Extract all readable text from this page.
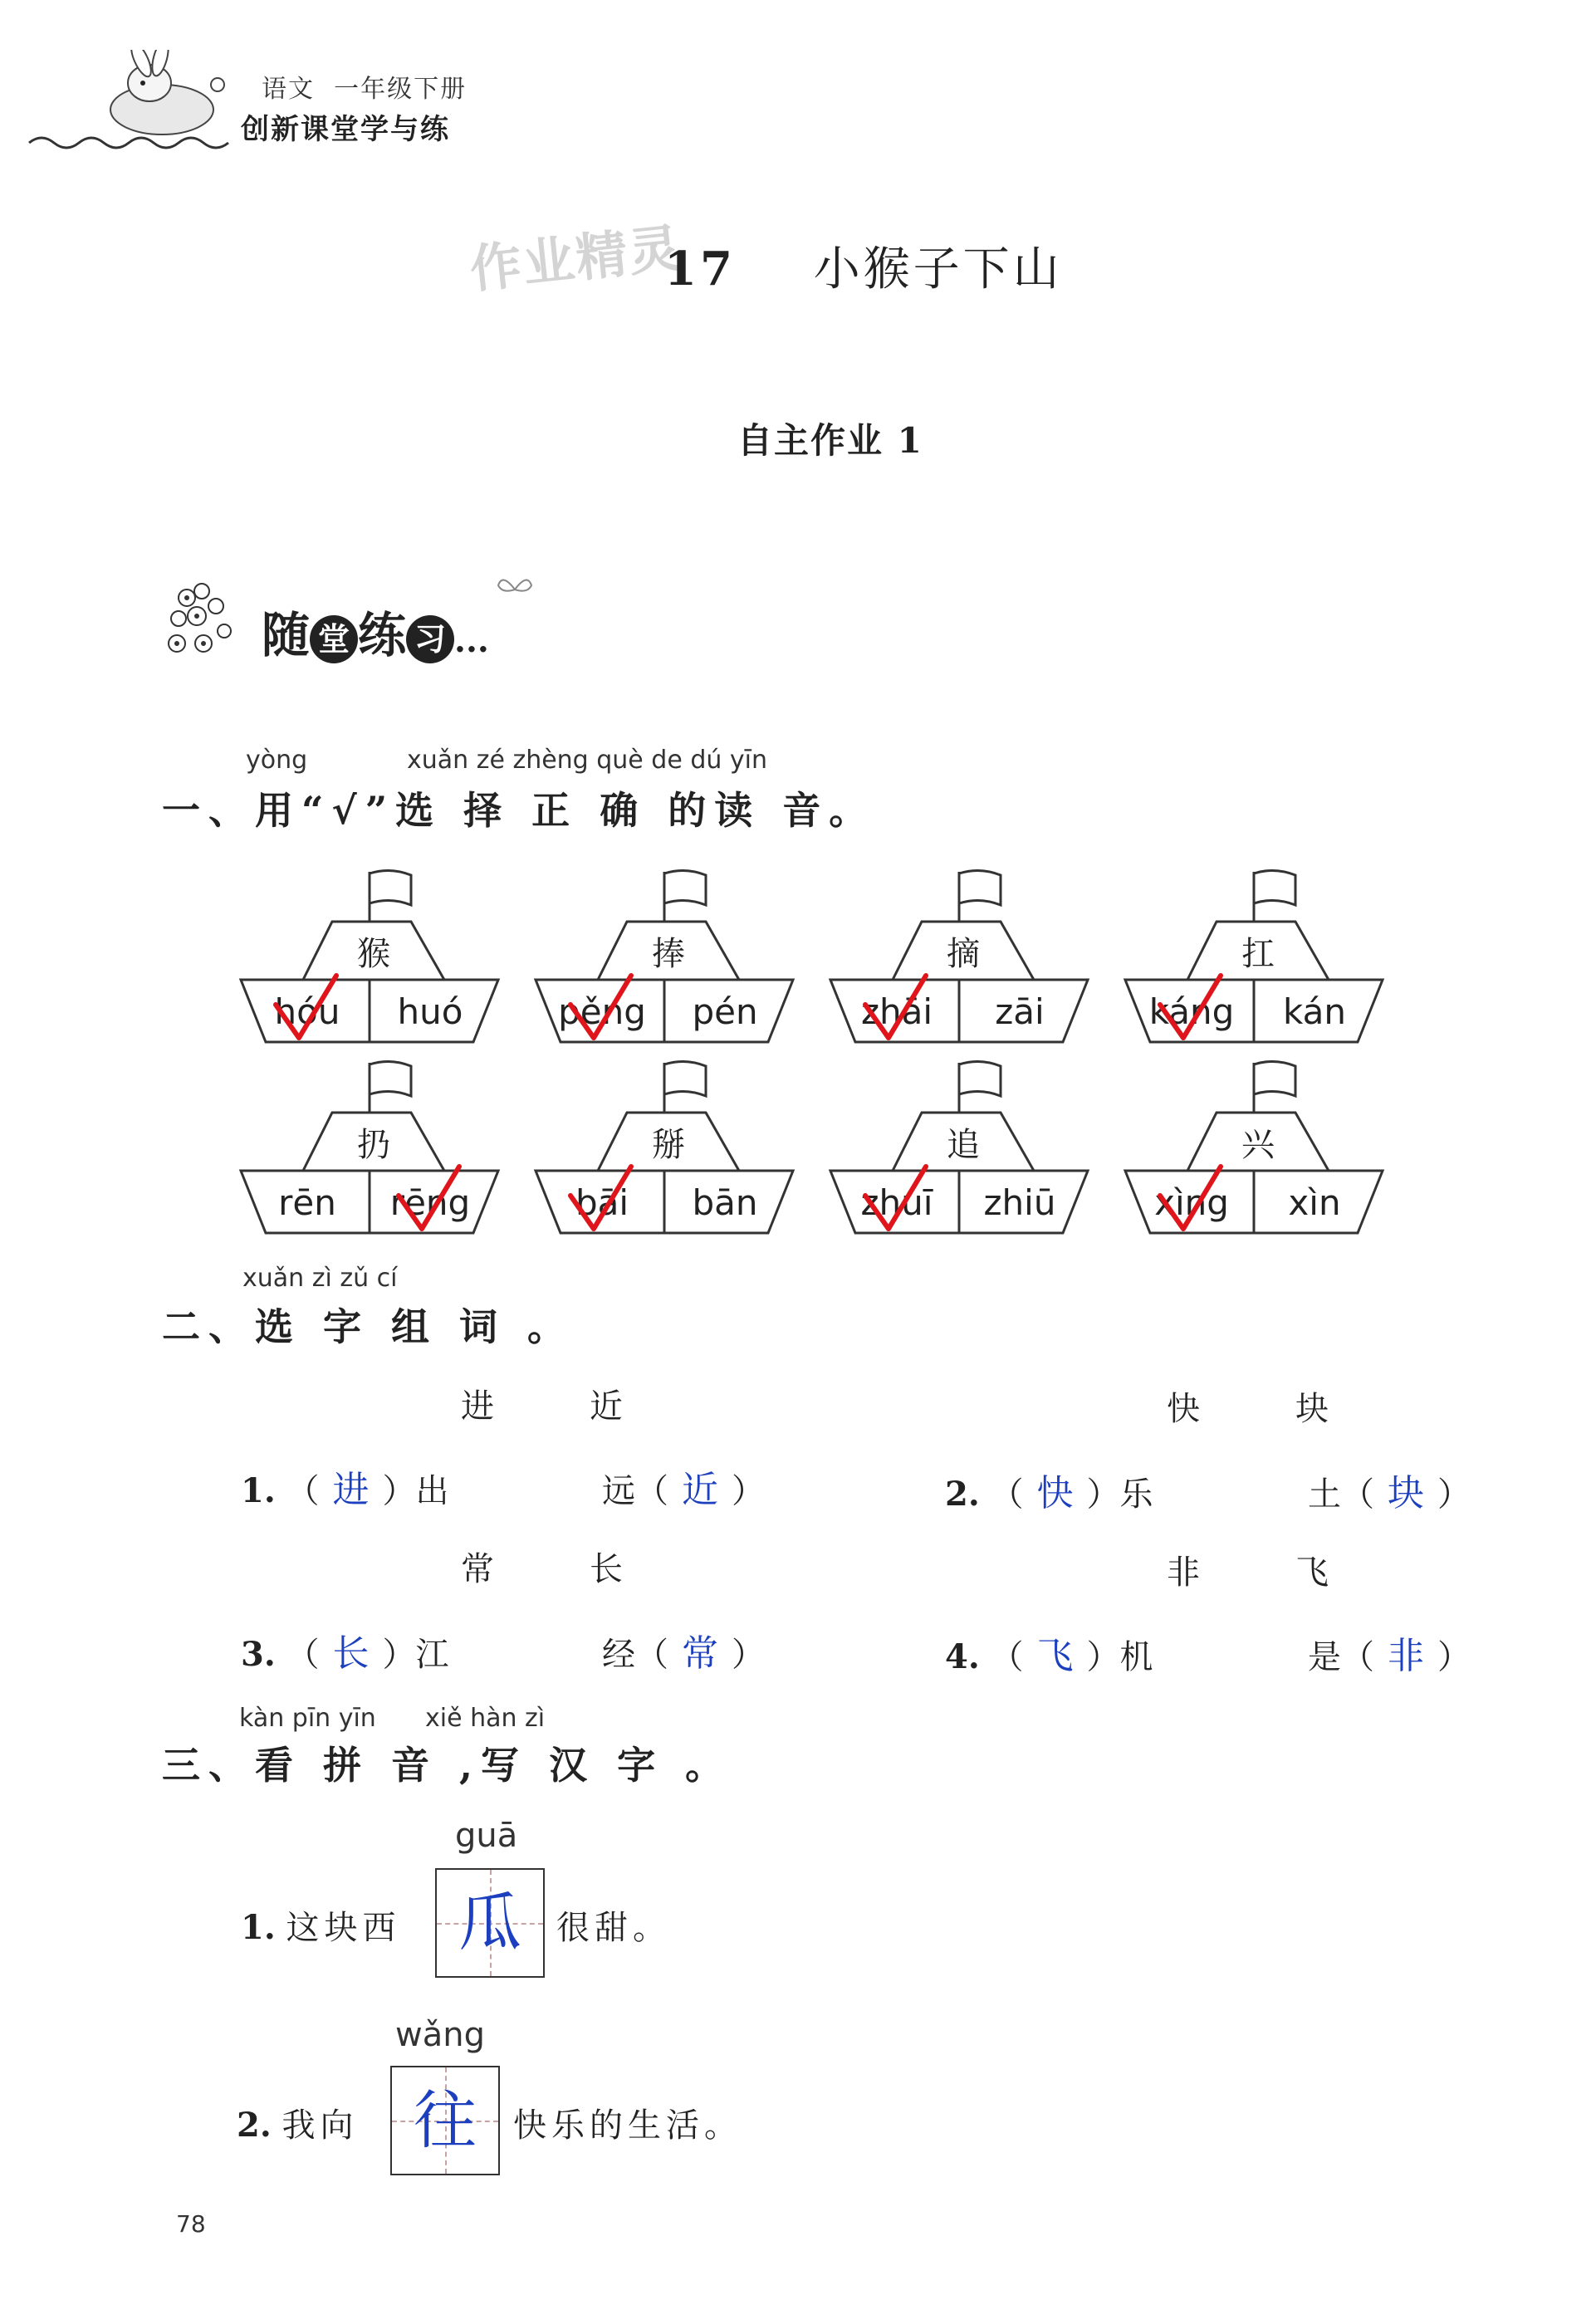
语文  一年级下册
创新课堂学与练
作业精灵
17 小猴子下山
自主作业 1
随 堂 练 习 ...
yòng	xuǎn zé zhèng què de dú yīn
一、用“√”选 择 正 确 的读 音。
猴
hóu huó
捧
pěng pén
摘
zhāi zāi
扛
káng kán
扔
rēn rēng
掰
bāi bān
追
zhuī zhiū
兴
xìng xìn
xuǎn zì zǔ cí
二、选 字 组 词 。
进	近
1. （ 进 ）出	远（ 近 ）
快	块
2. （ 快 ）乐	土（ 块 ）
常	长
3. （ 长 ）江	经（ 常 ）
非	飞
4. （ 飞 ）机	是（ 非 ）
kàn pīn yīn xiě hàn zì
三、看 拼 音 ,写 汉 字 。
guā
1. 这块西 瓜	很甜。
wǎng
2. 我向 往	快乐的生活。
78
